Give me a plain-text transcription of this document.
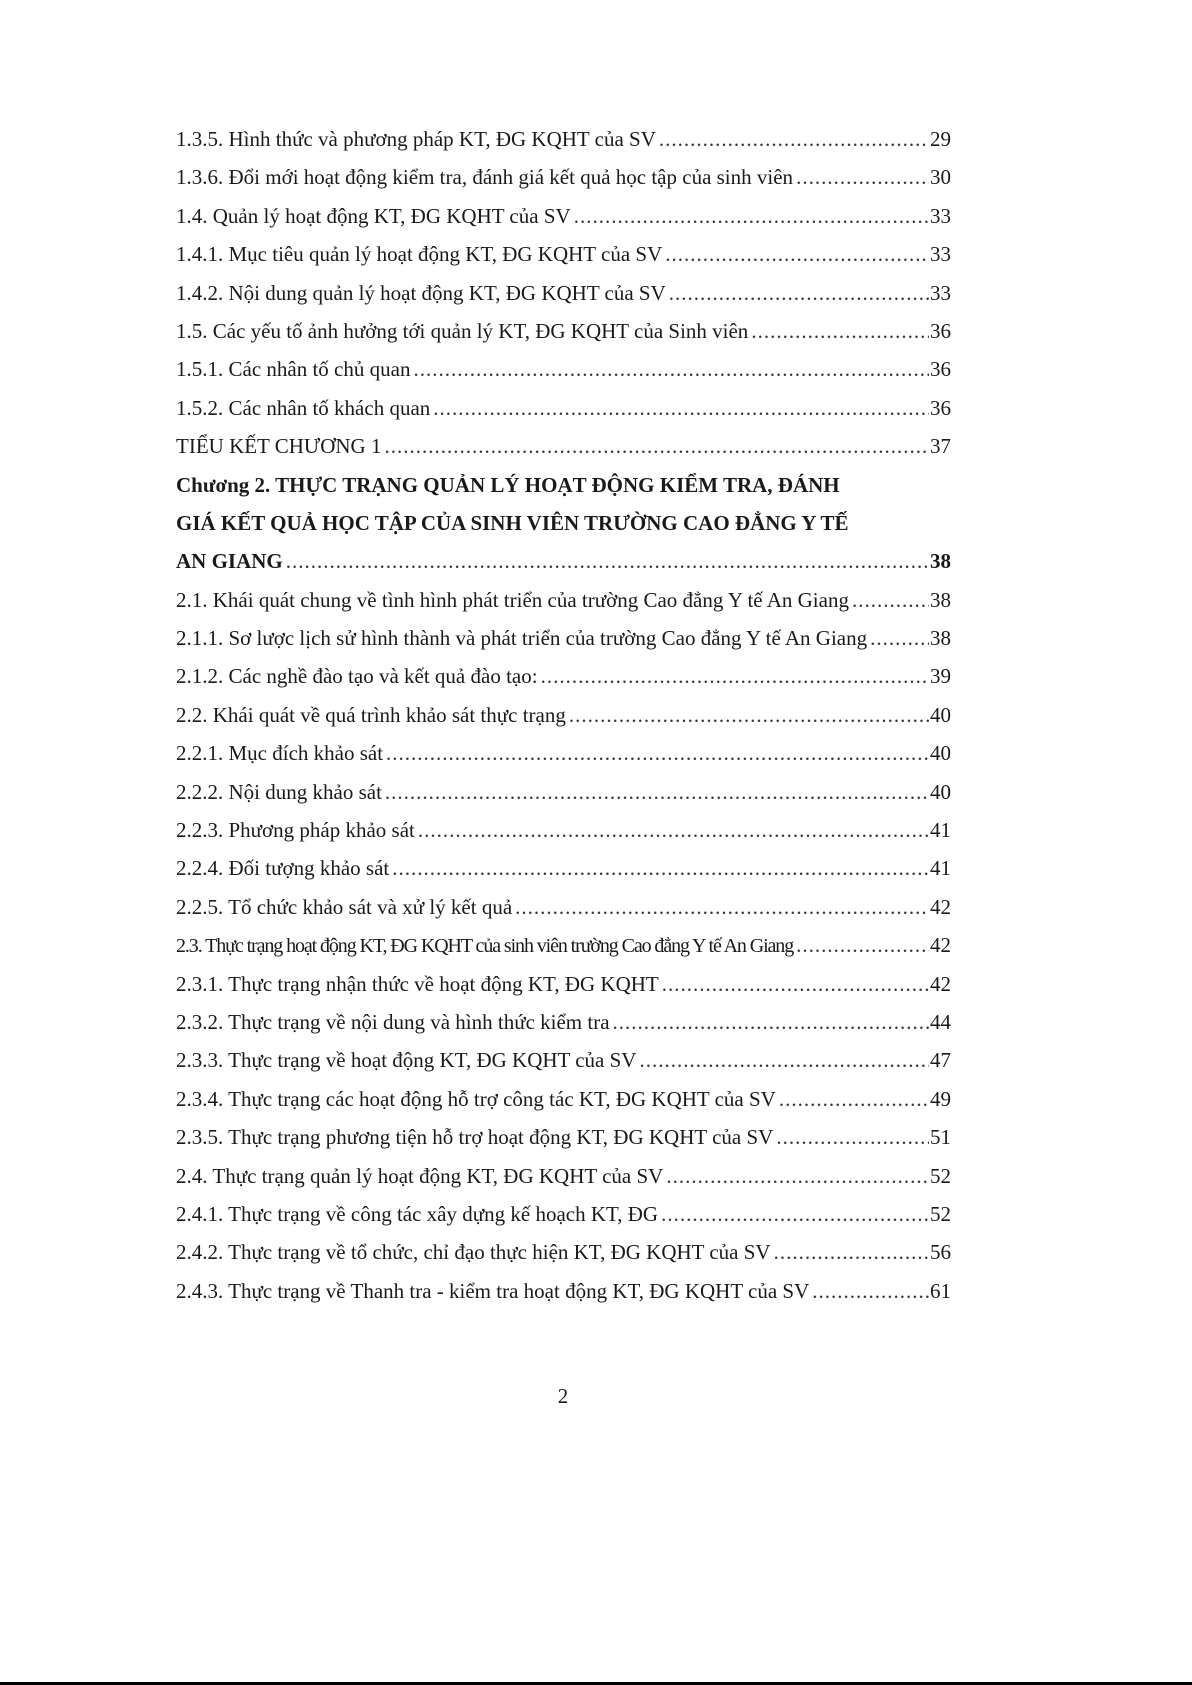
1.3.5. Hình thức và phương pháp KT, ĐG KQHT của SV .....	29
1.3.6. Đổi mới hoạt động kiểm tra, đánh giá kết quả học tập của sinh viên .....	30
1.4. Quản lý hoạt động KT, ĐG KQHT của SV .....	33
1.4.1. Mục tiêu quản lý hoạt động KT, ĐG KQHT của SV .....	33
1.4.2. Nội dung quản lý hoạt động KT, ĐG KQHT của SV .....	33
1.5. Các yếu tố ảnh hưởng tới quản lý KT, ĐG KQHT của Sinh viên .....	36
1.5.1. Các nhân tố chủ quan .....	36
1.5.2. Các nhân tố khách quan .....	36
TIỂU KẾT CHƯƠNG 1 .....	37
Chương 2. THỰC TRẠNG QUẢN LÝ HOẠT ĐỘNG KIỂM TRA, ĐÁNH
GIÁ KẾT QUẢ HỌC TẬP CỦA SINH VIÊN TRƯỜNG CAO ĐẲNG Y TẾ
AN GIANG .....	38
2.1. Khái quát chung về tình hình phát triển của trường Cao đẳng Y tế An Giang .....	38
2.1.1. Sơ lược lịch sử hình thành và phát triển của trường Cao đẳng Y tế An Giang .....	38
2.1.2. Các nghề đào tạo và kết quả đào tạo: .....	39
2.2. Khái quát về quá trình khảo sát thực trạng .....	40
2.2.1. Mục đích khảo sát .....	40
2.2.2. Nội dung khảo sát .....	40
2.2.3. Phương pháp khảo sát .....	41
2.2.4. Đối tượng khảo sát .....	41
2.2.5. Tổ chức khảo sát và xử lý kết quả .....	42
2.3. Thực trạng hoạt động KT, ĐG KQHT của sinh viên trường Cao đẳng Y tế An Giang .....	42
2.3.1. Thực trạng nhận thức về hoạt động KT, ĐG KQHT .....	42
2.3.2. Thực trạng về nội dung và hình thức kiểm tra .....	44
2.3.3. Thực trạng về hoạt động KT, ĐG KQHT của SV .....	47
2.3.4. Thực trạng các hoạt động hỗ trợ công tác KT, ĐG KQHT của SV .....	49
2.3.5. Thực trạng phương tiện hỗ trợ hoạt động KT, ĐG KQHT của SV .....	51
2.4. Thực trạng quản lý hoạt động KT, ĐG KQHT của SV .....	52
2.4.1. Thực trạng về công tác xây dựng kế hoạch KT, ĐG .....	52
2.4.2. Thực trạng về tổ chức, chỉ đạo thực hiện KT, ĐG KQHT của SV .....	56
2.4.3. Thực trạng về Thanh tra - kiểm tra hoạt động KT, ĐG KQHT của SV .....	61
2
